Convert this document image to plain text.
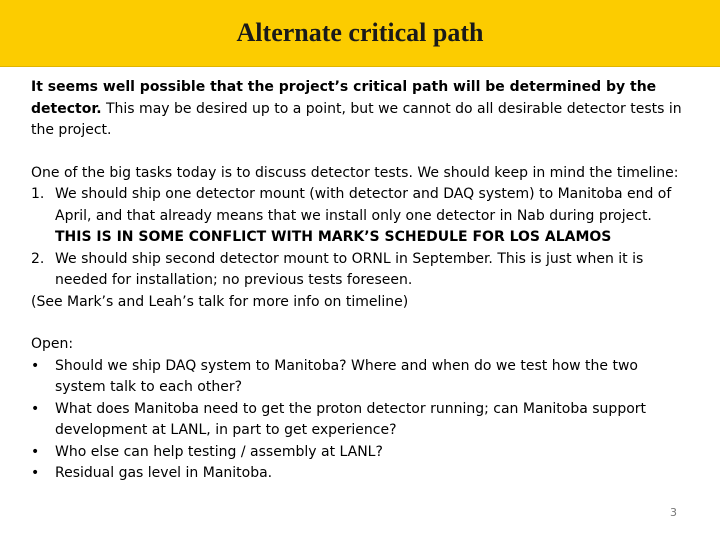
Alternate critical path

It seems well possible that the project’s critical path will be determined by the detector. This may be desired up to a point, but we cannot do all desirable detector tests in the project.

One of the big tasks today is to discuss detector tests. We should keep in mind the timeline:

1. We should ship one detector mount (with detector and DAQ system) to Manitoba end of April, and that already means that we install only one detector in Nab during project. THIS IS IN SOME CONFLICT WITH MARK’S SCHEDULE FOR LOS ALAMOS
2. We should ship second detector mount to ORNL in September. This is just when it is needed for installation; no previous tests foreseen.

(See Mark’s and Leah’s talk for more info on timeline)

Open:

•	Should we ship DAQ system to Manitoba? Where and when do we test how the two system talk to each other?
•	What does Manitoba need to get the proton detector running; can Manitoba support development at LANL, in part to get experience?
•	Who else can help testing / assembly at LANL?
•	Residual gas level in Manitoba.
3
